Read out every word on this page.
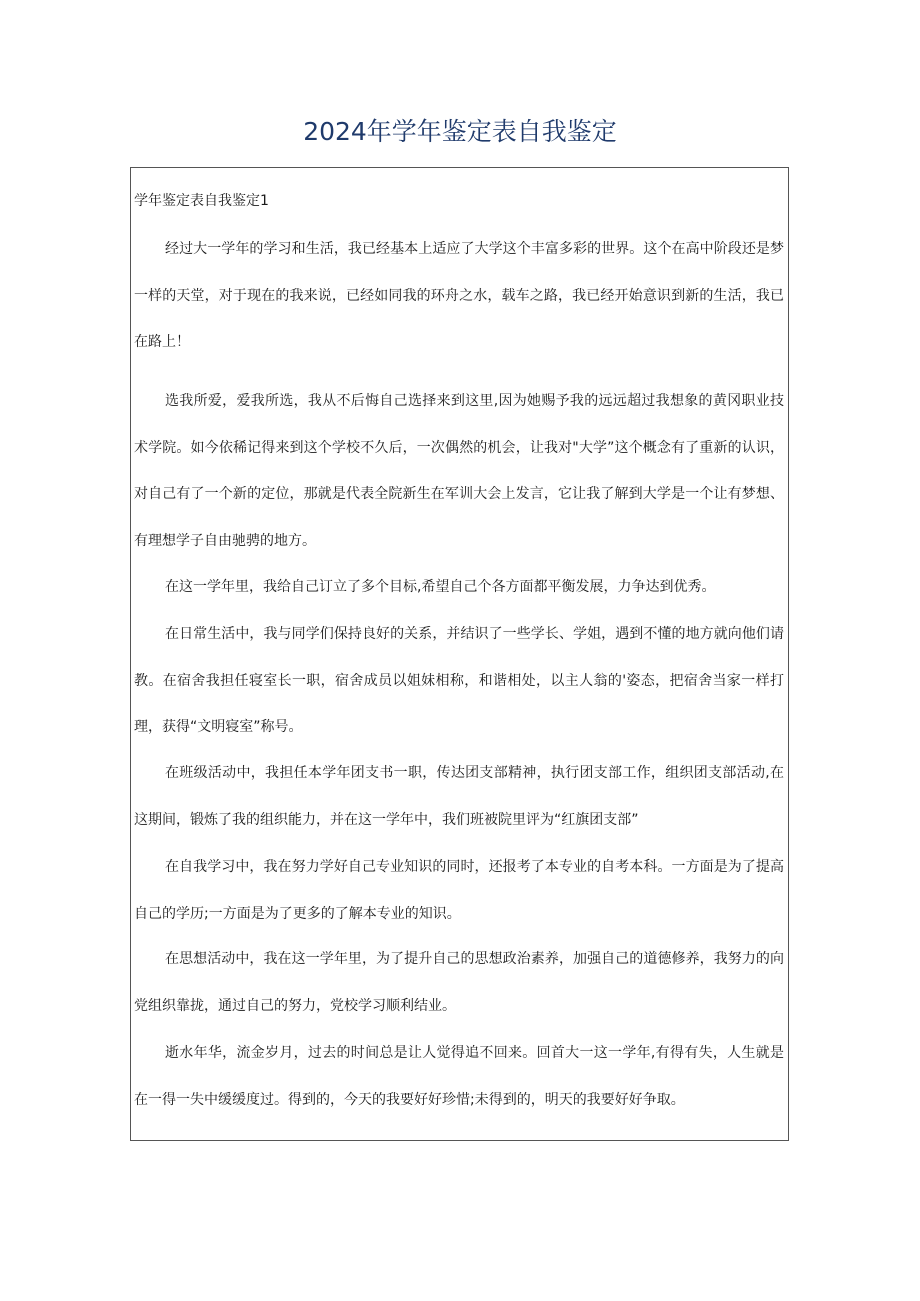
2024年学年鉴定表自我鉴定
学年鉴定表自我鉴定1

经过大一学年的学习和生活，我已经基本上适应了大学这个丰富多彩的世界。这个在高中阶段还是梦一样的天堂，对于现在的我来说，已经如同我的环舟之水，载车之路，我已经开始意识到新的生活，我已在路上！

选我所爱，爱我所选，我从不后悔自己选择来到这里,因为她赐予我的远远超过我想象的黄冈职业技术学院。如今依稀记得来到这个学校不久后，一次偶然的机会，让我对"大学”这个概念有了重新的认识，对自己有了一个新的定位，那就是代表全院新生在军训大会上发言，它让我了解到大学是一个让有梦想、有理想学子自由驰骋的地方。

在这一学年里，我给自己订立了多个目标,希望自己个各方面都平衡发展，力争达到优秀。

在日常生活中，我与同学们保持良好的关系，并结识了一些学长、学姐，遇到不懂的地方就向他们请教。在宿舍我担任寝室长一职，宿舍成员以姐妹相称，和谐相处，以主人翁的'姿态，把宿舍当家一样打理，获得“文明寝室”称号。

在班级活动中，我担任本学年团支书一职，传达团支部精神，执行团支部工作，组织团支部活动,在这期间，锻炼了我的组织能力，并在这一学年中，我们班被院里评为“红旗团支部”

在自我学习中，我在努力学好自己专业知识的同时，还报考了本专业的自考本科。一方面是为了提高自己的学历;一方面是为了更多的了解本专业的知识。

在思想活动中，我在这一学年里，为了提升自己的思想政治素养，加强自己的道德修养，我努力的向党组织靠拢，通过自己的努力，党校学习顺利结业。

逝水年华，流金岁月，过去的时间总是让人觉得追不回来。回首大一这一学年,有得有失，人生就是在一得一失中缓缓度过。得到的，今天的我要好好珍惜;未得到的，明天的我要好好争取。
